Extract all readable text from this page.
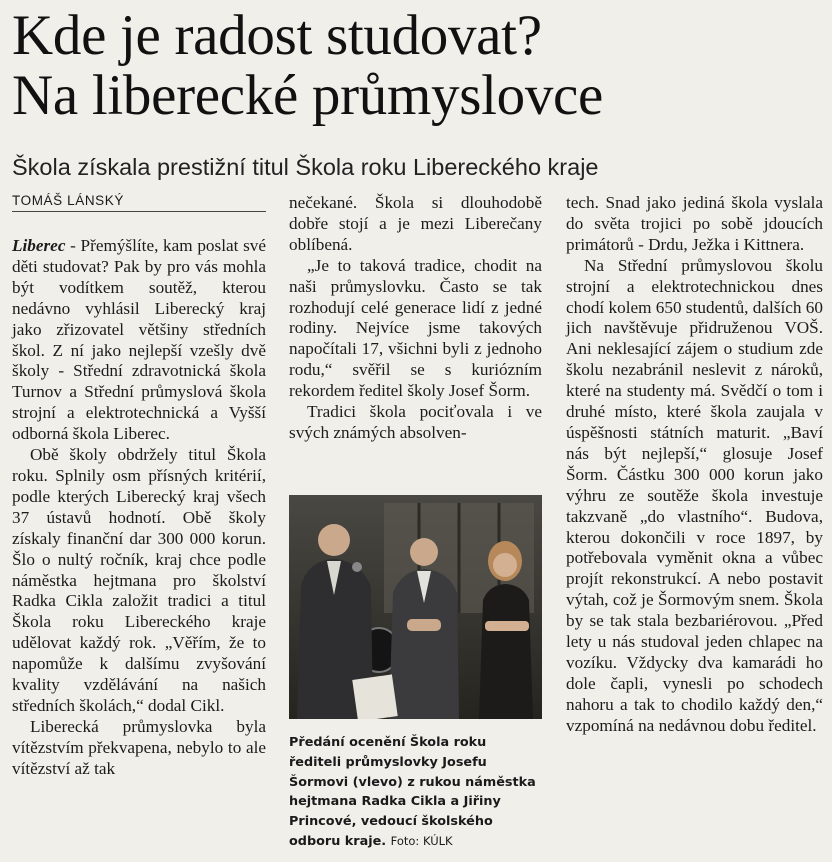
Kde je radost studovat?
Na liberecké průmyslovce
Škola získala prestižní titul Škola roku Libereckého kraje
TOMÁŠ LÁNSKÝ

Liberec - Přemýšlíte, kam poslat své děti studovat? Pak by pro vás mohla být vodítkem soutěž, kterou nedávno vyhlásil Liberecký kraj jako zřizovatel většiny středních škol. Z ní jako nejlepší vzešly dvě školy - Střední zdravotnická škola Turnov a Střední průmyslová škola strojní a elektrotechnická a Vyšší odborná škola Liberec.

Obě školy obdržely titul Škola roku. Splnily osm přísných kritérií, podle kterých Liberecký kraj všech 37 ústavů hodnotí. Obě školy získaly finanční dar 300 000 korun. Šlo o nultý ročník, kraj chce podle náměstka hejtmana pro školství Radka Cikla založit tradici a titul Škola roku Libereckého kraje udělovat každý rok. „Věřím, že to napomůže k dalšímu zvyšování kvality vzdělávání na našich středních školách,“ dodal Cikl.

Liberecká průmyslovka byla vítězstvím překvapena, nebylo to ale vítězství až tak

nečekané. Škola si dlouhodobě dobře stojí a je mezi Liberečany oblíbená.

„Je to taková tradice, chodit na naši průmyslovku. Často se tak rozhodují celé generace lidí z jedné rodiny. Nejvíce jsme takových napočítali 17, všichni byli z jednoho rodu,“ svěřil se s kuriózním rekordem ředitel školy Josef Šorm.

Tradici škola pociťovala i ve svých známých absolven-

Předání ocenění Škola roku řediteli průmyslovky Josefu Šormovi (vlevo) z rukou náměstka hejtmana Radka Cikla a Jiřiny Princové, vedoucí školského odboru kraje. Foto: KÚLK

tech. Snad jako jediná škola vyslala do světa trojici po sobě jdoucích primátorů - Drdu, Ježka i Kittnera.

Na Střední průmyslovou školu strojní a elektrotechnickou dnes chodí kolem 650 studentů, dalších 60 jich navštěvuje přidruženou VOŠ. Ani neklesající zájem o studium zde školu nezabránil neslevit z nároků, které na studenty má. Svědčí o tom i druhé místo, které škola zaujala v úspěšnosti státních maturit. „Baví nás být nejlepší,“ glosuje Josef Šorm. Částku 300 000 korun jako výhru ze soutěže škola investuje takzvaně „do vlastního“. Budova, kterou dokončili v roce 1897, by potřebovala vyměnit okna a vůbec projít rekonstrukcí. A nebo postavit výtah, což je Šormovým snem. Škola by se tak stala bezbariérovou. „Před lety u nás studoval jeden chlapec na vozíku. Vždycky dva kamarádi ho dole čapli, vynesli po schodech nahoru a tak to chodilo každý den,“ vzpomíná na nedávnou dobu ředitel.
